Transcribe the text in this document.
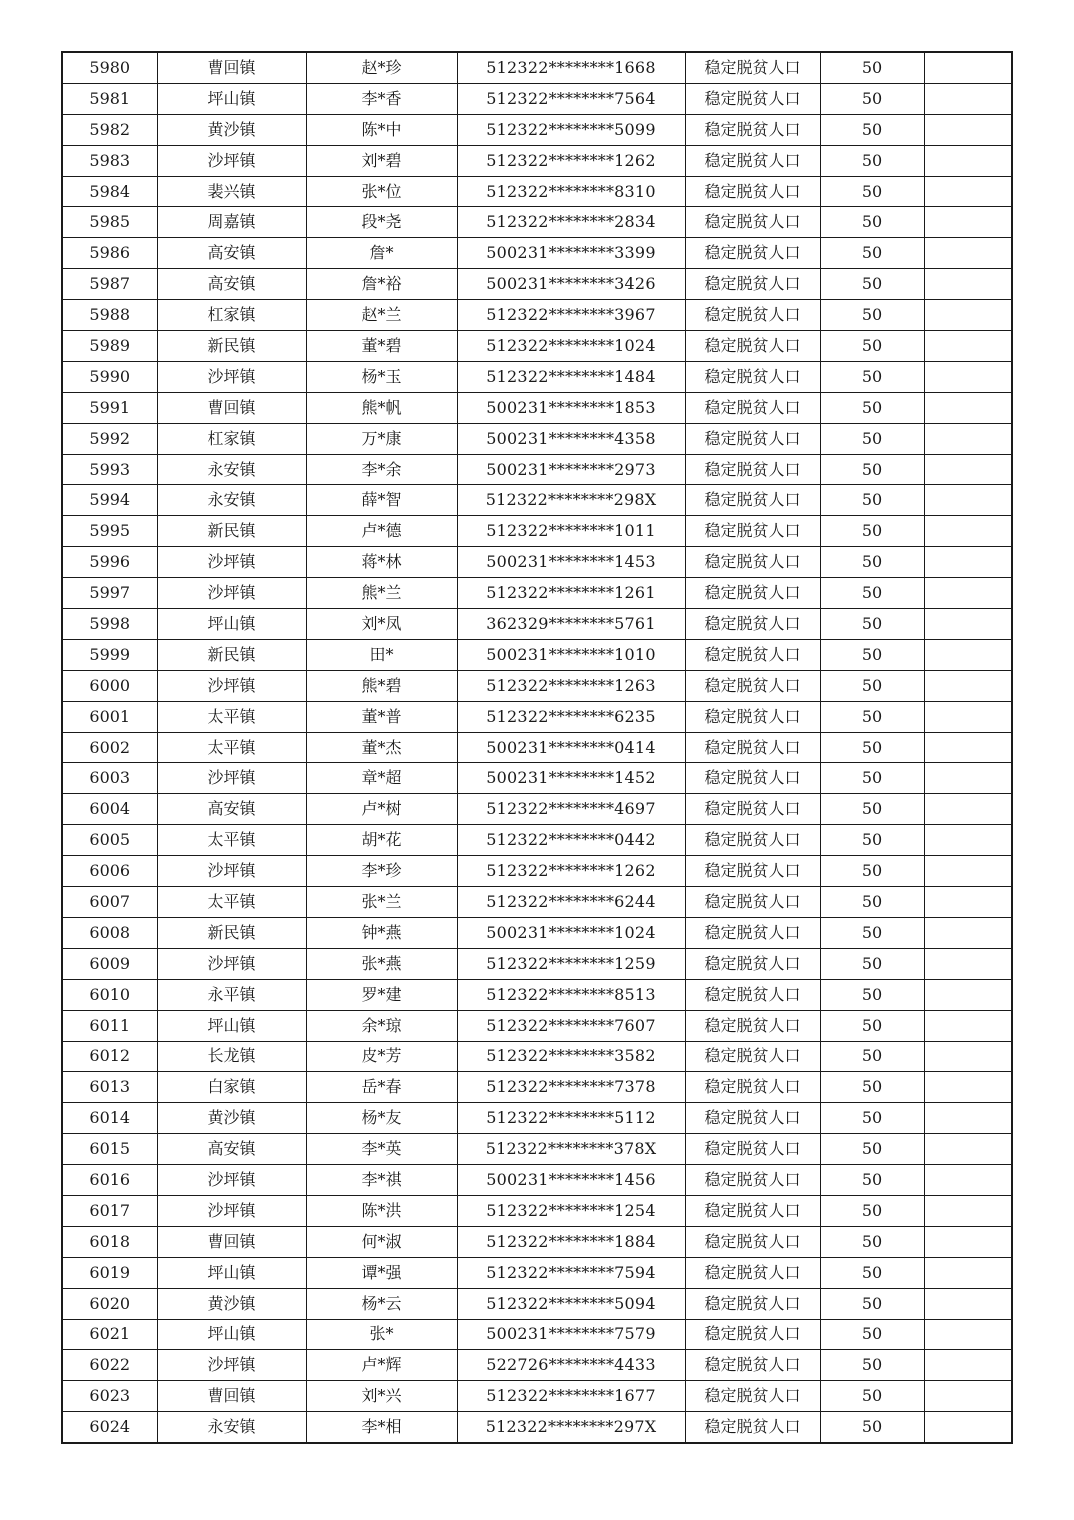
5980	曹回镇	赵*珍	512322********1668	稳定脱贫人口	50	
5981	坪山镇	李*香	512322********7564	稳定脱贫人口	50	
5982	黄沙镇	陈*中	512322********5099	稳定脱贫人口	50	
5983	沙坪镇	刘*碧	512322********1262	稳定脱贫人口	50	
5984	裴兴镇	张*位	512322********8310	稳定脱贫人口	50	
5985	周嘉镇	段*尧	512322********2834	稳定脱贫人口	50	
5986	高安镇	詹*	500231********3399	稳定脱贫人口	50	
5987	高安镇	詹*裕	500231********3426	稳定脱贫人口	50	
5988	杠家镇	赵*兰	512322********3967	稳定脱贫人口	50	
5989	新民镇	董*碧	512322********1024	稳定脱贫人口	50	
5990	沙坪镇	杨*玉	512322********1484	稳定脱贫人口	50	
5991	曹回镇	熊*帆	500231********1853	稳定脱贫人口	50	
5992	杠家镇	万*康	500231********4358	稳定脱贫人口	50	
5993	永安镇	李*余	500231********2973	稳定脱贫人口	50	
5994	永安镇	薛*智	512322********298X	稳定脱贫人口	50	
5995	新民镇	卢*德	512322********1011	稳定脱贫人口	50	
5996	沙坪镇	蒋*林	500231********1453	稳定脱贫人口	50	
5997	沙坪镇	熊*兰	512322********1261	稳定脱贫人口	50	
5998	坪山镇	刘*凤	362329********5761	稳定脱贫人口	50	
5999	新民镇	田*	500231********1010	稳定脱贫人口	50	
6000	沙坪镇	熊*碧	512322********1263	稳定脱贫人口	50	
6001	太平镇	董*普	512322********6235	稳定脱贫人口	50	
6002	太平镇	董*杰	500231********0414	稳定脱贫人口	50	
6003	沙坪镇	章*超	500231********1452	稳定脱贫人口	50	
6004	高安镇	卢*树	512322********4697	稳定脱贫人口	50	
6005	太平镇	胡*花	512322********0442	稳定脱贫人口	50	
6006	沙坪镇	李*珍	512322********1262	稳定脱贫人口	50	
6007	太平镇	张*兰	512322********6244	稳定脱贫人口	50	
6008	新民镇	钟*燕	500231********1024	稳定脱贫人口	50	
6009	沙坪镇	张*燕	512322********1259	稳定脱贫人口	50	
6010	永平镇	罗*建	512322********8513	稳定脱贫人口	50	
6011	坪山镇	余*琼	512322********7607	稳定脱贫人口	50	
6012	长龙镇	皮*芳	512322********3582	稳定脱贫人口	50	
6013	白家镇	岳*春	512322********7378	稳定脱贫人口	50	
6014	黄沙镇	杨*友	512322********5112	稳定脱贫人口	50	
6015	高安镇	李*英	512322********378X	稳定脱贫人口	50	
6016	沙坪镇	李*祺	500231********1456	稳定脱贫人口	50	
6017	沙坪镇	陈*洪	512322********1254	稳定脱贫人口	50	
6018	曹回镇	何*淑	512322********1884	稳定脱贫人口	50	
6019	坪山镇	谭*强	512322********7594	稳定脱贫人口	50	
6020	黄沙镇	杨*云	512322********5094	稳定脱贫人口	50	
6021	坪山镇	张*	500231********7579	稳定脱贫人口	50	
6022	沙坪镇	卢*辉	522726********4433	稳定脱贫人口	50	
6023	曹回镇	刘*兴	512322********1677	稳定脱贫人口	50	
6024	永安镇	李*相	512322********297X	稳定脱贫人口	50	
